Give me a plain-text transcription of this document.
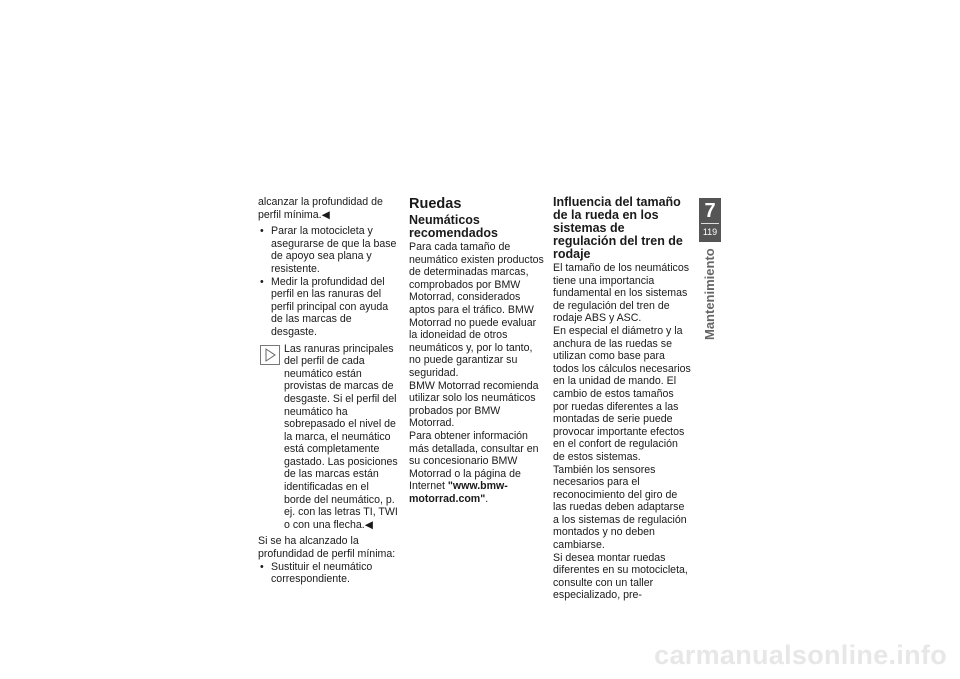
alcanzar la profundidad de perfil mínima.◀

• Parar la motocicleta y asegurarse de que la base de apoyo sea plana y resistente.
• Medir la profundidad del perfil en las ranuras del perfil principal con ayuda de las marcas de desgaste.
Las ranuras principales del perfil de cada neumático están provistas de marcas de desgaste. Si el perfil del neumático ha sobrepasado el nivel de la marca, el neumático está completamente gastado. Las posiciones de las marcas están identificadas en el borde del neumático, p. ej. con las letras TI, TWI o con una flecha.◀

Si se ha alcanzado la profundidad de perfil mínima:

• Sustituir el neumático correspondiente.
Ruedas
Neumáticos recomendados

Para cada tamaño de neumático existen productos de determinadas marcas, comprobados por BMW Motorrad, considerados aptos para el tráfico. BMW Motorrad no puede evaluar la idoneidad de otros neumáticos y, por lo tanto, no puede garantizar su seguridad.

BMW Motorrad recomienda utilizar solo los neumáticos probados por BMW Motorrad.

Para obtener información más detallada, consultar en su concesionario BMW Motorrad o la página de Internet "www.bmw-motorrad.com".

Influencia del tamaño de la rueda en los sistemas de regulación del tren de rodaje

El tamaño de los neumáticos tiene una importancia fundamental en los sistemas de regulación del tren de rodaje ABS y ASC.

En especial el diámetro y la anchura de las ruedas se utilizan como base para todos los cálculos necesarios en la unidad de mando. El cambio de estos tamaños por ruedas diferentes a las montadas de serie puede provocar importante efectos en el confort de regulación de estos sistemas.

También los sensores necesarios para el reconocimiento del giro de las ruedas deben adaptarse a los sistemas de regulación montados y no deben cambiarse.

Si desea montar ruedas diferentes en su motocicleta, consulte con un taller especializado, pre-

7
119
Mantenimiento
carmanualsonline.info
